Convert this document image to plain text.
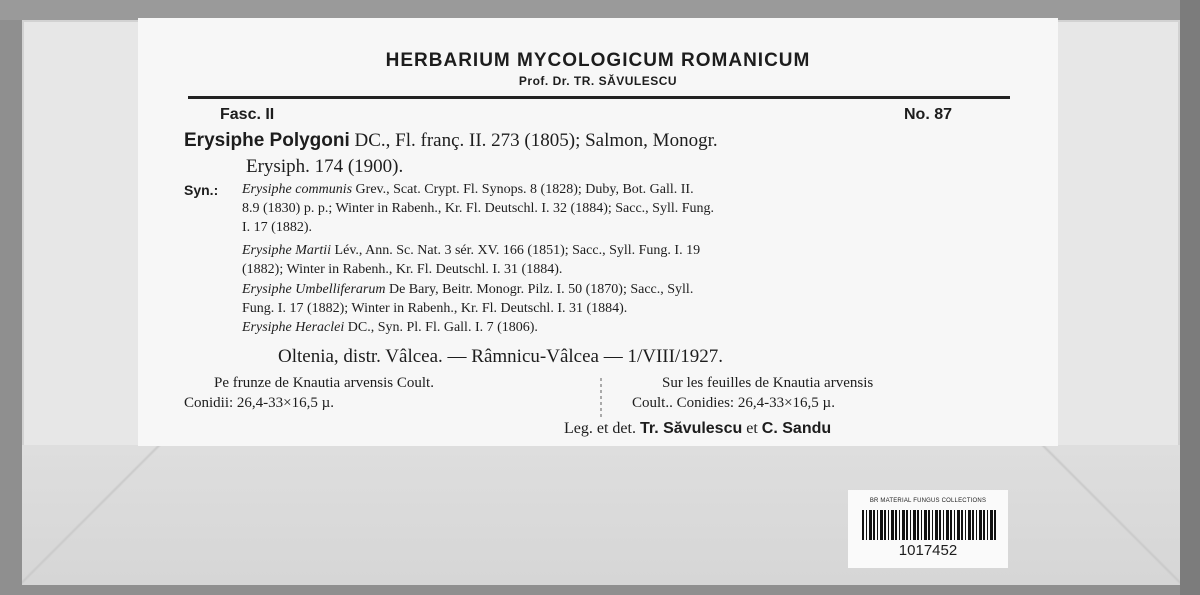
HERBARIUM MYCOLOGICUM ROMANICUM
Prof. Dr. TR. SĂVULESCU
Fasc. II	No. 87
Erysiphe Polygoni DC., Fl. franç. II. 273 (1805); Salmon, Monogr.
Erysiph. 174 (1900).
Syn.: Erysiphe communis Grev., Scat. Crypt. Fl. Synops. 8 (1828); Duby, Bot. Gall. II.
8.9 (1830) p. p.; Winter in Rabenh., Kr. Fl. Deutschl. I. 32 (1884); Sacc., Syll. Fung.
I. 17 (1882).
Erysiphe Martii Lév., Ann. Sc. Nat. 3 sér. XV. 166 (1851); Sacc., Syll. Fung. I. 19
(1882); Winter in Rabenh., Kr. Fl. Deutschl. I. 31 (1884).
Erysiphe Umbelliferarum De Bary, Beitr. Monogr. Pilz. I. 50 (1870); Sacc., Syll.
Fung. I. 17 (1882); Winter in Rabenh., Kr. Fl. Deutschl. I. 31 (1884).
Erysiphe Heraclei DC., Syn. Pl. Fl. Gall. I. 7 (1806).
Oltenia, distr. Vâlcea. — Râmnicu-Vâlcea — 1/VIII/1927.
Pe frunze de Knautia arvensis Coult.
Conidii: 26,4-33×16,5 µ.
Sur les feuilles de Knautia arvensis
Coult.. Conidies: 26,4-33×16,5 µ.
Leg. et det. Tr. Săvulescu et C. Sandu
BR MATERIAL FUNGUS COLLECTIONS
1017452
